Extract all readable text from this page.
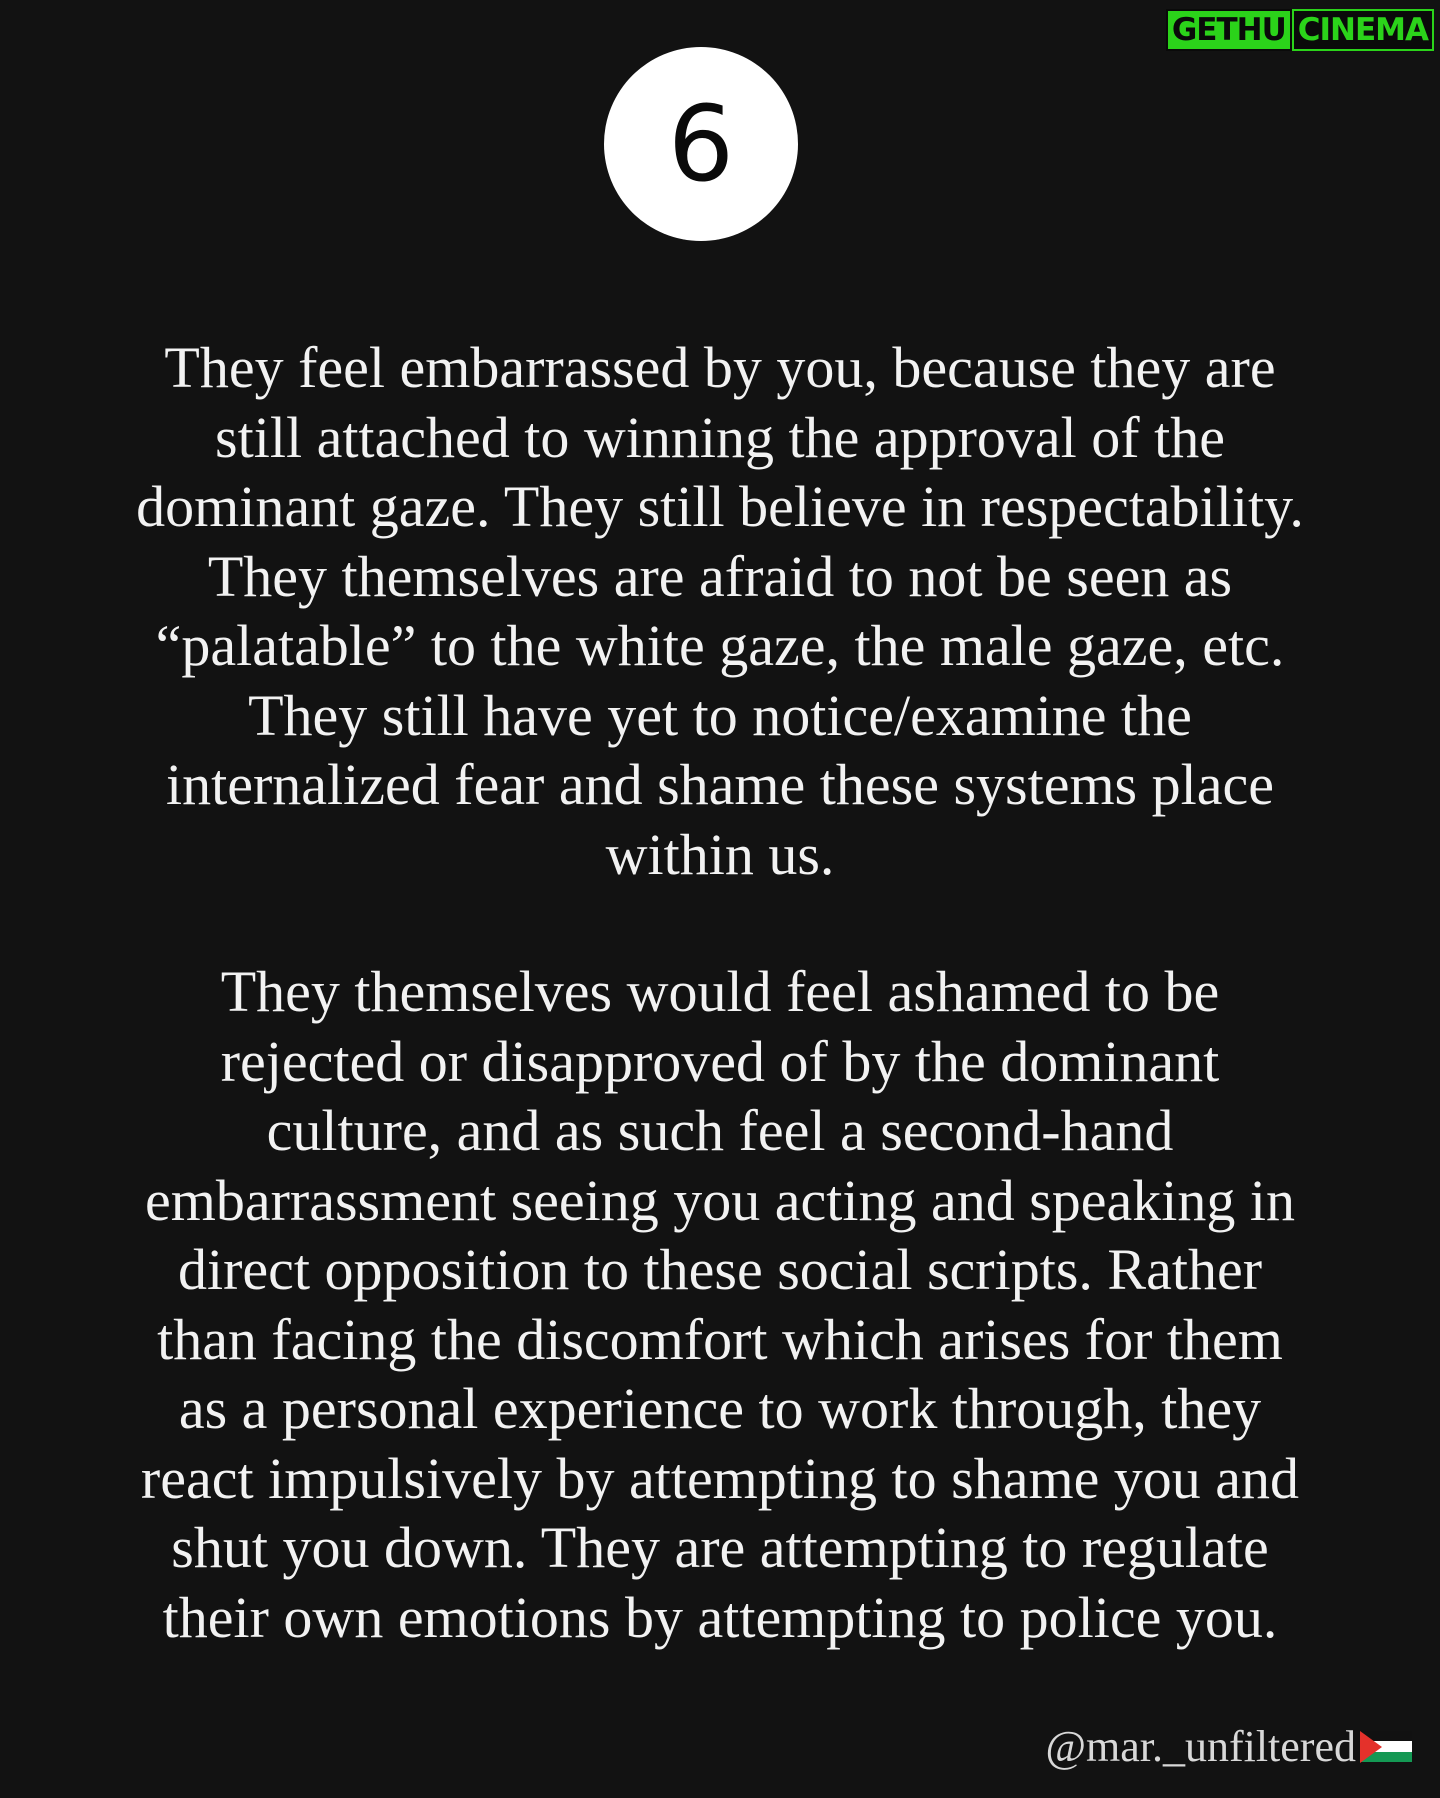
GETHU CINEMA
6

They feel embarrassed by you, because they are
still attached to winning the approval of the
dominant gaze. They still believe in respectability.
They themselves are afraid to not be seen as
“palatable” to the white gaze, the male gaze, etc.
They still have yet to notice/examine the
internalized fear and shame these systems place
within us.

They themselves would feel ashamed to be
rejected or disapproved of by the dominant
culture, and as such feel a second-hand
embarrassment seeing you acting and speaking in
direct opposition to these social scripts. Rather
than facing the discomfort which arises for them
as a personal experience to work through, they
react impulsively by attempting to shame you and
shut you down. They are attempting to regulate
their own emotions by attempting to police you.

@mar._unfiltered
